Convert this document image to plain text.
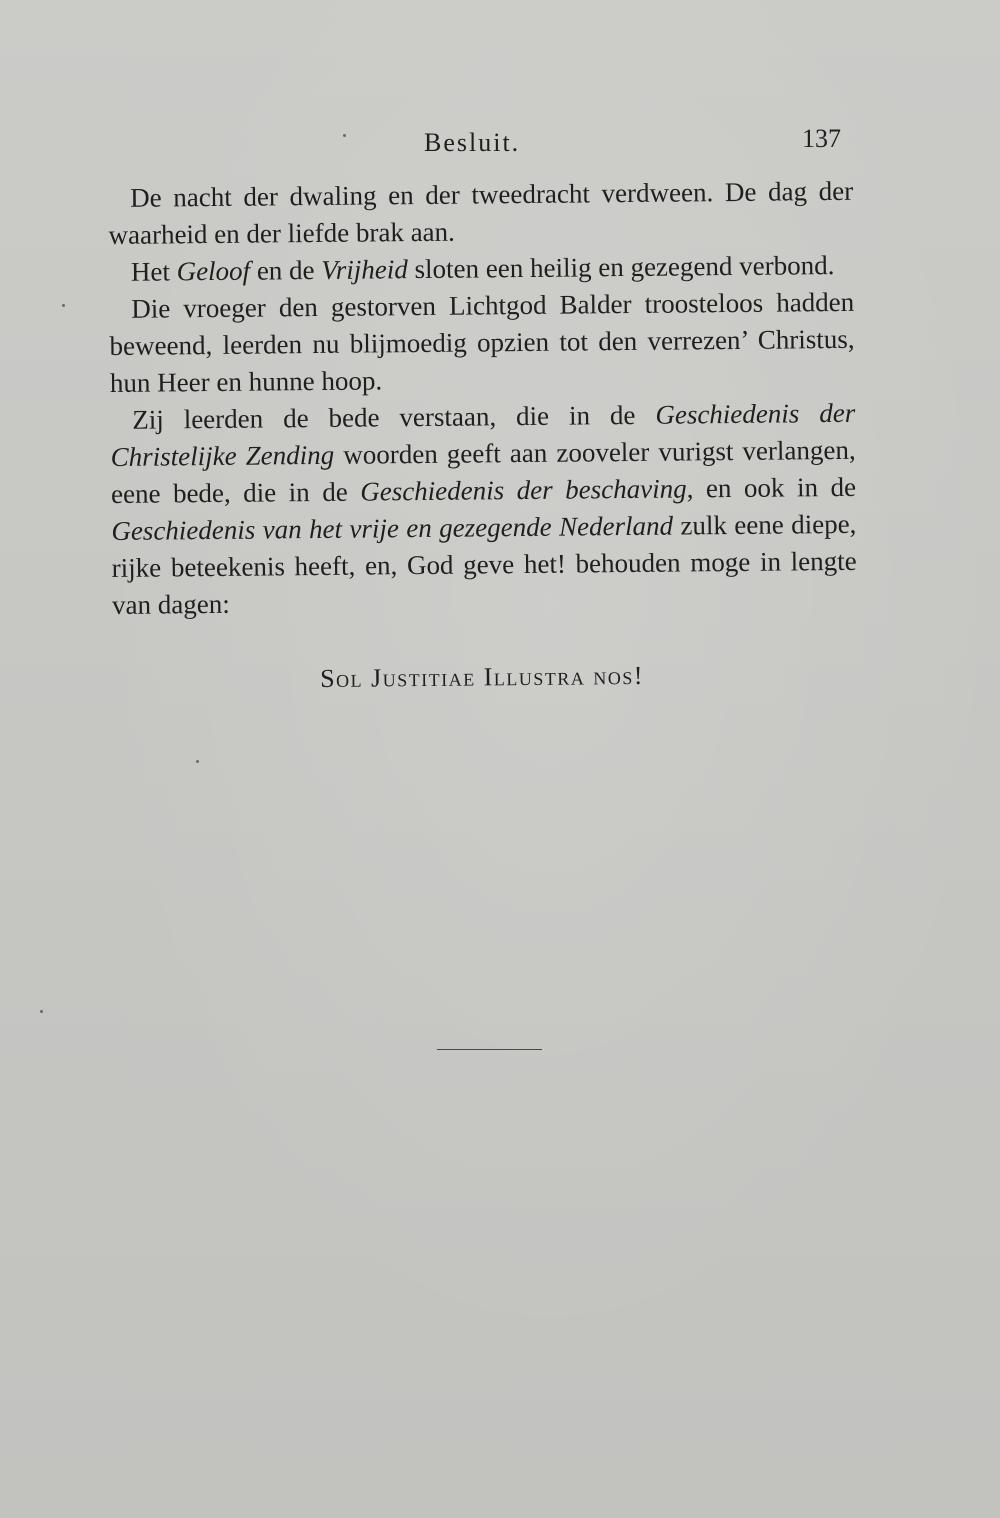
Besluit.	137

De nacht der dwaling en der tweedracht verdween. De dag der waarheid en der liefde brak aan.

Het Geloof en de Vrijheid sloten een heilig en gezegend verbond.

Die vroeger den gestorven Lichtgod Balder troosteloos hadden beweend, leerden nu blijmoedig opzien tot den verrezen’ Christus, hun Heer en hunne hoop.

Zij leerden de bede verstaan, die in de Geschiedenis der Christelijke Zending woorden geeft aan zooveler vurigst verlangen, eene bede, die in de Geschiedenis der beschaving, en ook in de Geschiedenis van het vrije en gezegende Nederland zulk eene diepe, rijke beteekenis heeft, en, God geve het! behouden moge in lengte van dagen:

Sol Justitiae Illustra nos!
